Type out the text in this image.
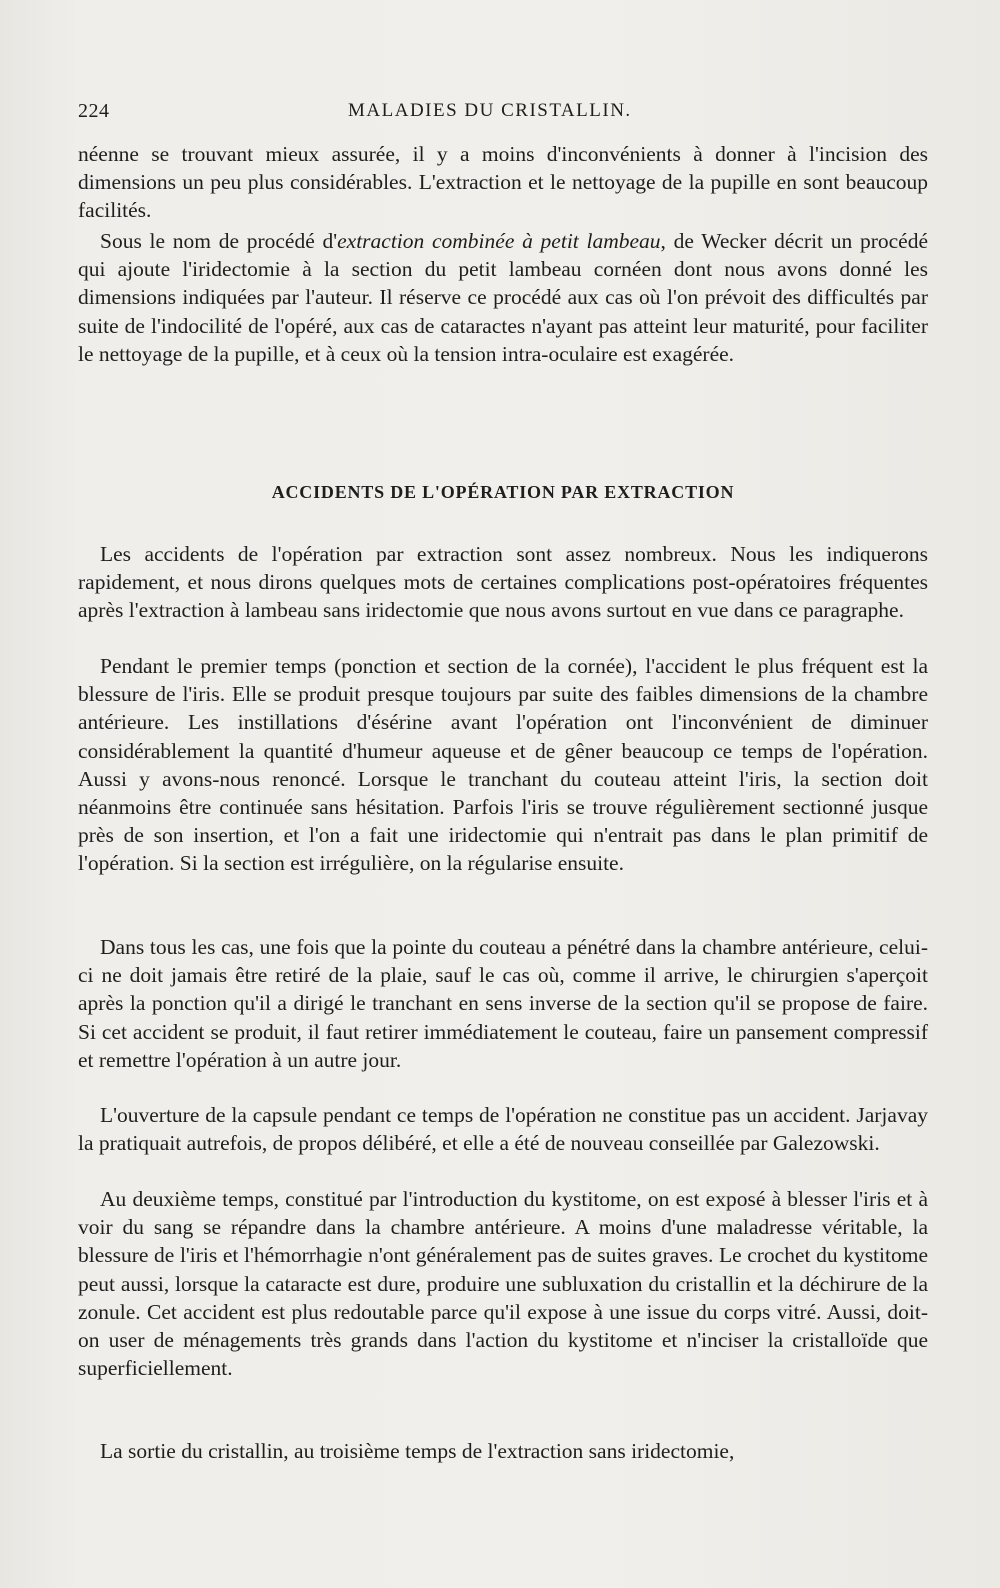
224	MALADIES DU CRISTALLIN.

néenne se trouvant mieux assurée, il y a moins d'inconvénients à donner à l'incision des dimensions un peu plus considérables. L'extraction et le nettoyage de la pupille en sont beaucoup facilités.

Sous le nom de procédé d'extraction combinée à petit lambeau, de Wecker décrit un procédé qui ajoute l'iridectomie à la section du petit lambeau cornéen dont nous avons donné les dimensions indiquées par l'auteur. Il réserve ce procédé aux cas où l'on prévoit des difficultés par suite de l'indocilité de l'opéré, aux cas de cataractes n'ayant pas atteint leur maturité, pour faciliter le nettoyage de la pupille, et à ceux où la tension intra-oculaire est exagérée.

ACCIDENTS DE L'OPÉRATION PAR EXTRACTION

Les accidents de l'opération par extraction sont assez nombreux. Nous les indiquerons rapidement, et nous dirons quelques mots de certaines complications post-opératoires fréquentes après l'extraction à lambeau sans iridectomie que nous avons surtout en vue dans ce paragraphe.

Pendant le premier temps (ponction et section de la cornée), l'accident le plus fréquent est la blessure de l'iris. Elle se produit presque toujours par suite des faibles dimensions de la chambre antérieure. Les instillations d'ésérine avant l'opération ont l'inconvénient de diminuer considérablement la quantité d'humeur aqueuse et de gêner beaucoup ce temps de l'opération. Aussi y avons-nous renoncé. Lorsque le tranchant du couteau atteint l'iris, la section doit néanmoins être continuée sans hésitation. Parfois l'iris se trouve régulièrement sectionné jusque près de son insertion, et l'on a fait une iridectomie qui n'entrait pas dans le plan primitif de l'opération. Si la section est irrégulière, on la régularise ensuite.

Dans tous les cas, une fois que la pointe du couteau a pénétré dans la chambre antérieure, celui-ci ne doit jamais être retiré de la plaie, sauf le cas où, comme il arrive, le chirurgien s'aperçoit après la ponction qu'il a dirigé le tranchant en sens inverse de la section qu'il se propose de faire. Si cet accident se produit, il faut retirer immédiatement le couteau, faire un pansement compressif et remettre l'opération à un autre jour.

L'ouverture de la capsule pendant ce temps de l'opération ne constitue pas un accident. Jarjavay la pratiquait autrefois, de propos délibéré, et elle a été de nouveau conseillée par Galezowski.

Au deuxième temps, constitué par l'introduction du kystitome, on est exposé à blesser l'iris et à voir du sang se répandre dans la chambre antérieure. A moins d'une maladresse véritable, la blessure de l'iris et l'hémorrhagie n'ont généralement pas de suites graves. Le crochet du kystitome peut aussi, lorsque la cataracte est dure, produire une subluxation du cristallin et la déchirure de la zonule. Cet accident est plus redoutable parce qu'il expose à une issue du corps vitré. Aussi, doit-on user de ménagements très grands dans l'action du kystitome et n'inciser la cristalloïde que superficiellement.

La sortie du cristallin, au troisième temps de l'extraction sans iridectomie,
